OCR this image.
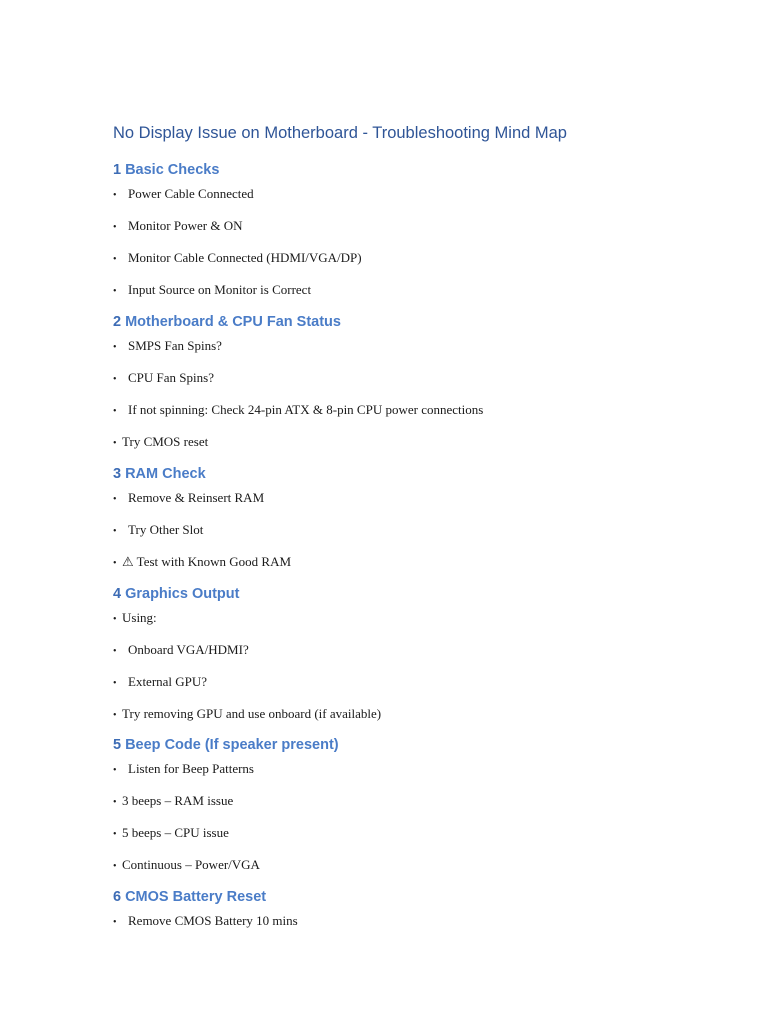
No Display Issue on Motherboard - Troubleshooting Mind Map
1 Basic Checks

• Power Cable Connected

• Monitor Power & ON

• Monitor Cable Connected (HDMI/VGA/DP)

• Input Source on Monitor is Correct

2 Motherboard & CPU Fan Status

• SMPS Fan Spins?

• CPU Fan Spins?

• If not spinning: Check 24-pin ATX & 8-pin CPU power connections

• Try CMOS reset

3 RAM Check

• Remove & Reinsert RAM

• Try Other Slot

• ⚠ Test with Known Good RAM

4 Graphics Output

• Using:

• Onboard VGA/HDMI?

• External GPU?

• Try removing GPU and use onboard (if available)

5 Beep Code (If speaker present)

• Listen for Beep Patterns

• 3 beeps – RAM issue

• 5 beeps – CPU issue

• Continuous – Power/VGA

6 CMOS Battery Reset

• Remove CMOS Battery 10 mins
